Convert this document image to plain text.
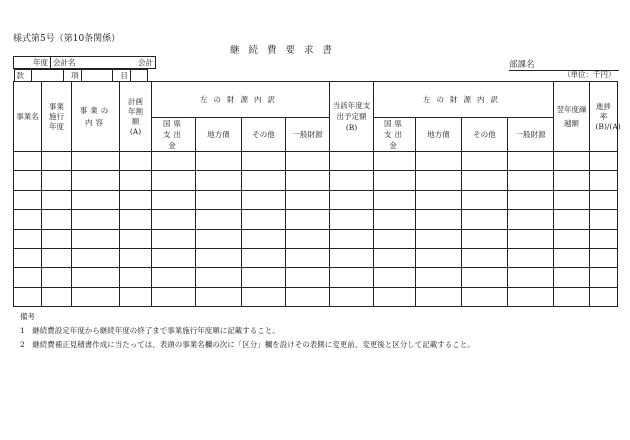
様式第5号（第10条関係）
継続費要求書
部課名
（単位：千円）
年度	会計名	会計

款		項		目	
事業名	事業施行年度	事業の内容	計画年割額(A)	左の財源内訳				当該年度支出予定額(B)	左の財源内訳				翌年度繰越額	進捗率(B)/(A)

				国県支出金	地方債	その他	一般財源		国県支出金	地方債	その他	一般財源		

備考
1　継続費設定年度から継続年度の終了まで事業施行年度順に記載すること。
2　継続費補正見積書作成に当たっては、表頭の事業名欄の次に「区分」欄を設けその表側に変更前、変更後と区分して記載すること。
